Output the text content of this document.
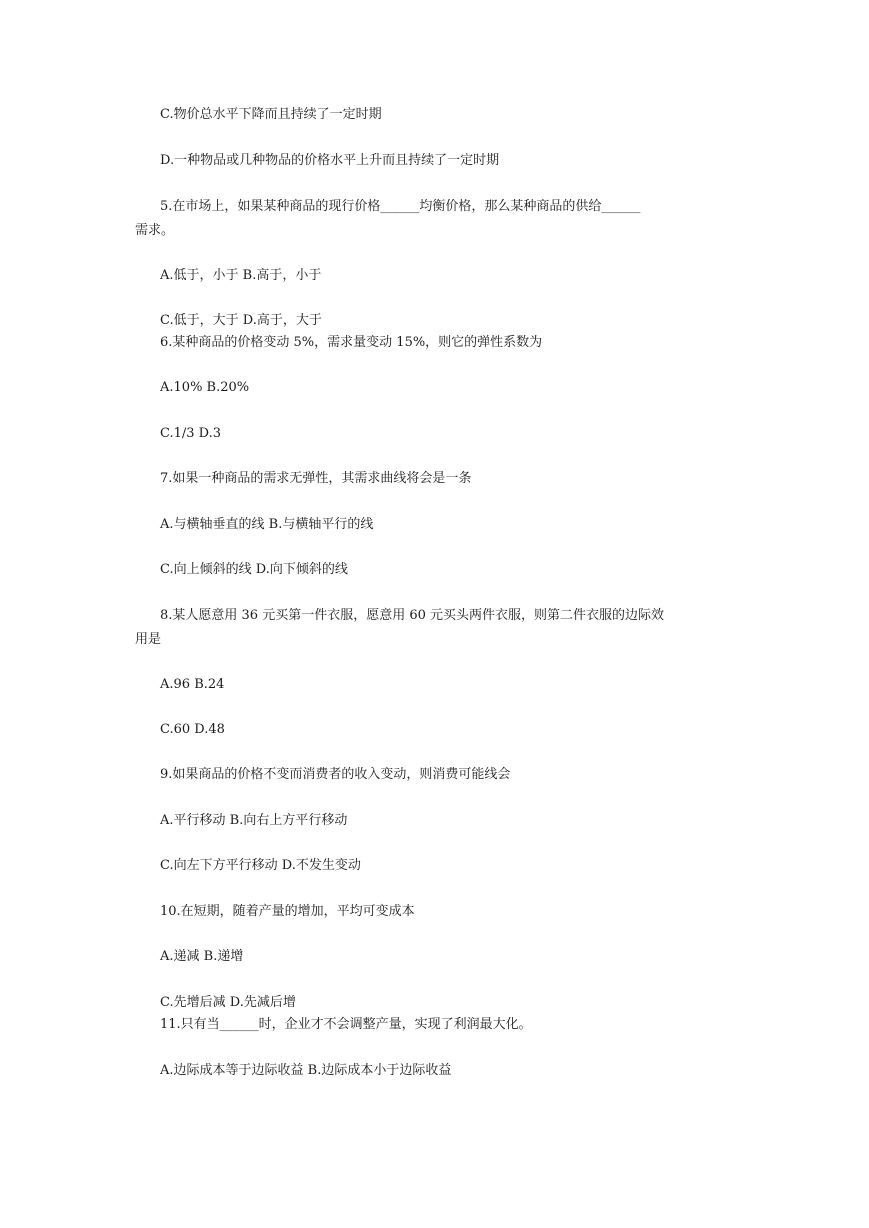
C.物价总水平下降而且持续了一定时期
D.一种物品或几种物品的价格水平上升而且持续了一定时期
5.在市场上，如果某种商品的现行价格______均衡价格，那么某种商品的供给______
需求。
A.低于，小于 B.高于，小于
C.低于，大于 D.高于，大于
6.某种商品的价格变动 5%，需求量变动 15%，则它的弹性系数为
A.10% B.20%
C.1/3 D.3
7.如果一种商品的需求无弹性，其需求曲线将会是一条
A.与横轴垂直的线 B.与横轴平行的线
C.向上倾斜的线 D.向下倾斜的线
8.某人愿意用 36 元买第一件衣服，愿意用 60 元买头两件衣服，则第二件衣服的边际效
用是
A.96 B.24
C.60 D.48
9.如果商品的价格不变而消费者的收入变动，则消费可能线会
A.平行移动 B.向右上方平行移动
C.向左下方平行移动 D.不发生变动
10.在短期，随着产量的增加，平均可变成本
A.递减 B.递增
C.先增后减 D.先减后增
11.只有当______时，企业才不会调整产量，实现了利润最大化。
A.边际成本等于边际收益 B.边际成本小于边际收益
